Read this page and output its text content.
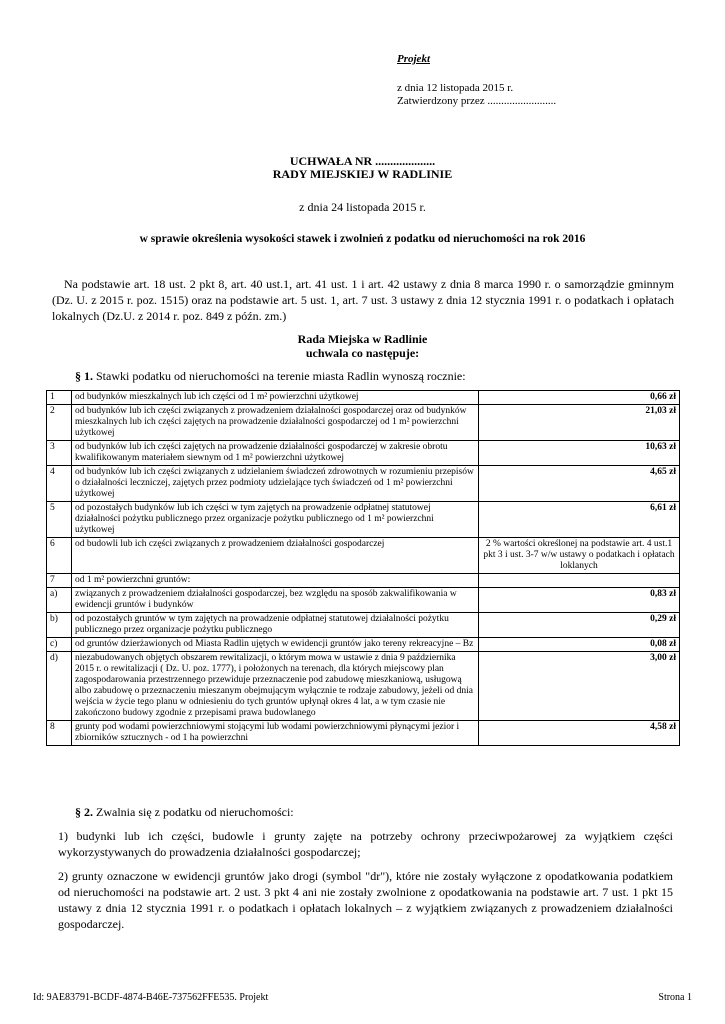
Projekt
z dnia 12 listopada 2015 r.
Zatwierdzony przez .........................
UCHWAŁA NR ....................
RADY MIEJSKIEJ W RADLINIE
z dnia 24 listopada 2015 r.
w sprawie określenia wysokości stawek i zwolnień z podatku od nieruchomości na rok 2016
Na podstawie art. 18 ust. 2 pkt 8, art. 40 ust.1, art. 41 ust. 1 i art. 42 ustawy z dnia 8 marca 1990 r. o samorządzie gminnym (Dz. U. z 2015 r. poz. 1515) oraz na podstawie art. 5 ust. 1, art. 7 ust. 3 ustawy z dnia 12 stycznia 1991 r. o podatkach i opłatach lokalnych (Dz.U. z 2014 r. poz. 849 z późn. zm.)
Rada Miejska w Radlinie
uchwala co następuje:
§ 1. Stawki podatku od nieruchomości na terenie miasta Radlin wynoszą rocznie:
1	od budynków mieszkalnych lub ich części od 1 m² powierzchni użytkowej	0,66 zł
2	od budynków lub ich części związanych z prowadzeniem działalności gospodarczej oraz od budynków mieszkalnych lub ich części zajętych na prowadzenie działalności gospodarczej od 1 m² powierzchni użytkowej	21,03 zł
3	od budynków lub ich części zajętych na prowadzenie działalności gospodarczej w zakresie obrotu kwalifikowanym materiałem siewnym od 1 m² powierzchni użytkowej	10,63 zł
4	od budynków lub ich części związanych z udzielaniem świadczeń zdrowotnych w rozumieniu przepisów o działalności leczniczej, zajętych przez podmioty udzielające tych świadczeń od 1 m² powierzchni użytkowej	4,65 zł
5	od pozostałych budynków lub ich części w tym zajętych na prowadzenie odpłatnej statutowej działalności pożytku publicznego przez organizacje pożytku publicznego od 1 m² powierzchni użytkowej	6,61 zł
6	od budowli lub ich części związanych z prowadzeniem działalności gospodarczej	2 % wartości określonej na podstawie art. 4 ust.1 pkt 3 i ust. 3-7 w/w ustawy o podatkach i opłatach loklanych
7	od 1 m² powierzchni gruntów:	
a)	związanych z prowadzeniem działalności gospodarczej, bez względu na sposób zakwalifikowania w ewidencji gruntów i budynków	0,83 zł
b)	od pozostałych gruntów w tym zajętych na prowadzenie odpłatnej statutowej działalności pożytku publicznego przez organizacje pożytku publicznego	0,29 zł
c)	od gruntów dzierżawionych od Miasta Radlin ujętych w ewidencji gruntów jako tereny rekreacyjne – Bz	0,08 zł
d)	niezabudowanych objętych obszarem rewitalizacji, o którym mowa w ustawie z dnia 9 października 2015 r. o rewitalizacji ( Dz. U. poz. 1777), i położonych na terenach, dla których miejscowy plan zagospodarowania przestrzennego przewiduje przeznaczenie pod zabudowę mieszkaniową, usługową albo zabudowę o przeznaczeniu mieszanym obejmującym wyłącznie te rodzaje zabudowy, jeżeli od dnia wejścia w życie tego planu w odniesieniu do tych gruntów upłynął okres 4 lat, a w tym czasie nie zakończono budowy zgodnie z przepisami prawa budowlanego	3,00 zł
8	grunty pod wodami powierzchniowymi stojącymi lub wodami powierzchniowymi płynącymi jezior i zbiorników sztucznych - od 1 ha powierzchni	4,58 zł
§ 2. Zwalnia się z podatku od nieruchomości:
1) budynki lub ich części, budowle i grunty zajęte na potrzeby ochrony przeciwpożarowej za wyjątkiem części wykorzystywanych do prowadzenia działalności gospodarczej;
2) grunty oznaczone w ewidencji gruntów jako drogi (symbol "dr"), które nie zostały wyłączone z opodatkowania podatkiem od nieruchomości na podstawie art. 2 ust. 3 pkt 4 ani nie zostały zwolnione z opodatkowania na podstawie art. 7 ust. 1 pkt 15 ustawy z dnia 12 stycznia 1991 r. o podatkach i opłatach lokalnych – z wyjątkiem związanych z prowadzeniem działalności gospodarczej.
Id: 9AE83791-BCDF-4874-B46E-737562FFE535. Projekt	Strona 1
